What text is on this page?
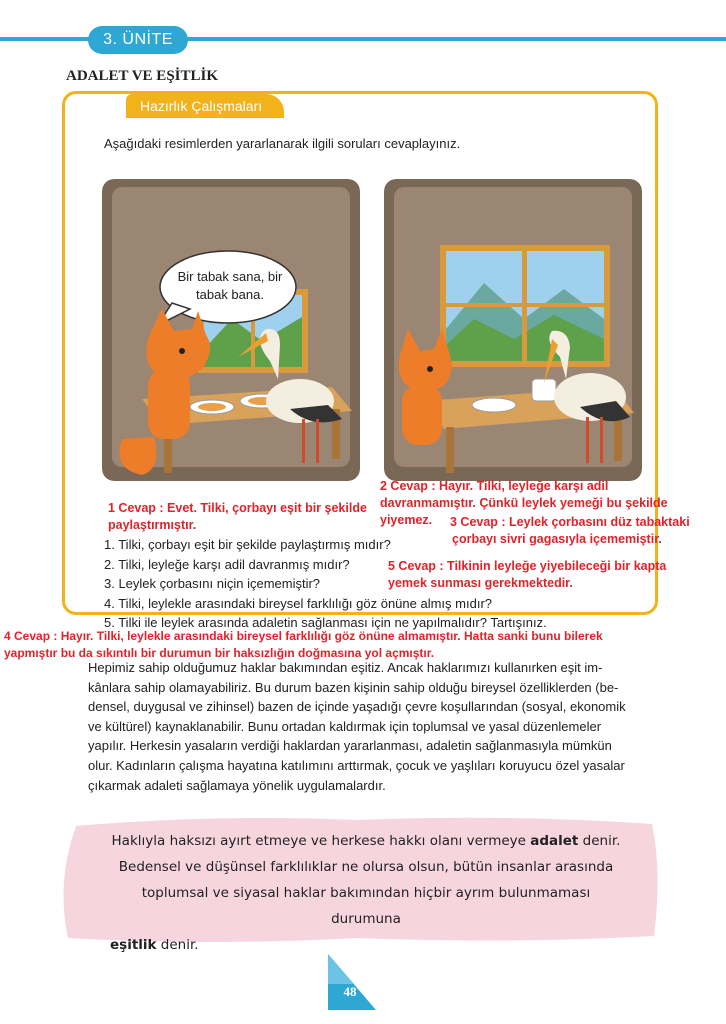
3. ÜNİTE
ADALET VE EŞİTLİK
Hazırlık Çalışmaları
Aşağıdaki resimlerden yararlanarak ilgili soruları cevaplayınız.
Bir tabak sana, bir
tabak bana.
1 Cevap : Evet. Tilki, çorbayı eşit bir şekilde
paylaştırmıştır.
2 Cevap : Hayır. Tilki, leyleğe karşı adil
davranmamıştır. Çünkü leylek yemeği bu şekilde
yiyemez.	3 Cevap : Leylek çorbasını düz tabaktaki
çorbayı sivri gagasıyla içememiştir.
5 Cevap : Tilkinin leyleğe yiyebileceği bir kapta
yemek sunması gerekmektedir.
1. Tilki, çorbayı eşit bir şekilde paylaştırmış mıdır?
2. Tilki, leyleğe karşı adil davranmış mıdır?
3. Leylek çorbasını niçin içememiştir?
4. Tilki, leylekle arasındaki bireysel farklılığı göz önüne almış mıdır?
5. Tilki ile leylek arasında adaletin sağlanması için ne yapılmalıdır? Tartışınız.
4 Cevap : Hayır. Tilki, leylekle arasındaki bireysel farklılığı göz önüne almamıştır. Hatta sanki bunu bilerek
yapmıştır bu da sıkıntılı bir durumun bir haksızlığın doğmasına yol açmıştır.
Hepimiz sahip olduğumuz haklar bakımından eşitiz. Ancak haklarımızı kullanırken eşit im-
kânlara sahip olamayabiliriz. Bu durum bazen kişinin sahip olduğu bireysel özelliklerden (be-
densel, duygusal ve zihinsel) bazen de içinde yaşadığı çevre koşullarından (sosyal, ekonomik
ve kültürel) kaynaklanabilir. Bunu ortadan kaldırmak için toplumsal ve yasal düzenlemeler
yapılır. Herkesin yasaların verdiği haklardan yararlanması, adaletin sağlanmasıyla mümkün
olur. Kadınların çalışma hayatına katılımını arttırmak, çocuk ve yaşlıları koruyucu özel yasalar
çıkarmak adaleti sağlamaya yönelik uygulamalardır.
Haklıyla haksızı ayırt etmeye ve herkese hakkı olanı vermeye adalet denir.
Bedensel ve düşünsel farklılıklar ne olursa olsun, bütün insanlar arasında
toplumsal ve siyasal haklar bakımından hiçbir ayrım bulunmaması durumuna
eşitlik denir.
48
